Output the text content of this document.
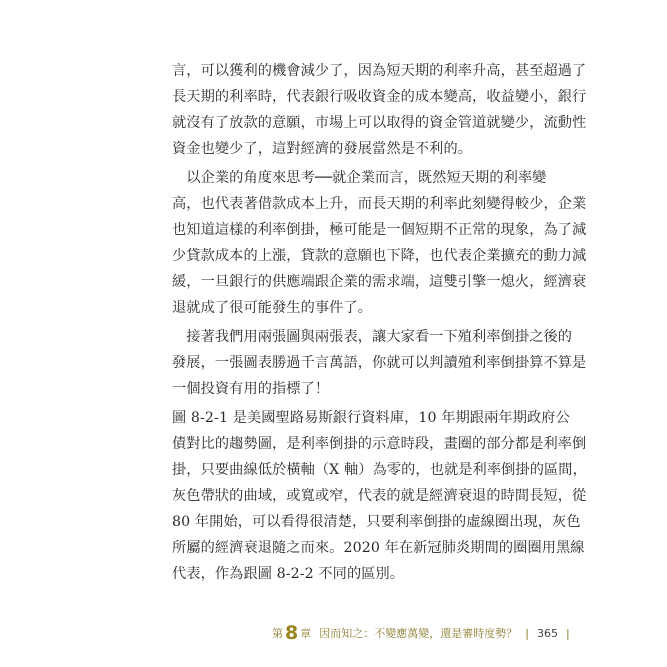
言，可以獲利的機會減少了，因為短天期的利率升高，甚至超過了
長天期的利率時，代表銀行吸收資金的成本變高，收益變小，銀行
就沒有了放款的意願，市場上可以取得的資金管道就變少，流動性
資金也變少了，這對經濟的發展當然是不利的。
　以企業的角度來思考──就企業而言，既然短天期的利率變
高，也代表著借款成本上升，而長天期的利率此刻變得較少，企業
也知道這樣的利率倒掛，極可能是一個短期不正常的現象，為了減
少貸款成本的上漲，貸款的意願也下降，也代表企業擴充的動力減
緩，一旦銀行的供應端跟企業的需求端，這雙引擎一熄火，經濟衰
退就成了很可能發生的事件了。
　接著我們用兩張圖與兩張表，讓大家看一下殖利率倒掛之後的
發展，一張圖表勝過千言萬語，你就可以判讀殖利率倒掛算不算是
一個投資有用的指標了！
圖 8-2-1 是美國聖路易斯銀行資料庫，10 年期跟兩年期政府公
債對比的趨勢圖，是利率倒掛的示意時段，畫圈的部分都是利率倒
掛，只要曲線低於橫軸（X 軸）為零的，也就是利率倒掛的區間，
灰色帶狀的曲域，或寬或窄，代表的就是經濟衰退的時間長短，從
80 年開始，可以看得很清楚，只要利率倒掛的虛線圈出現，灰色
所屬的經濟衰退隨之而來。2020 年在新冠肺炎期間的圈圈用黑線
代表，作為跟圖 8-2-2 不同的區別。
第 8 章 因而知之：不變應萬變，還是審時度勢？ | 365 |
